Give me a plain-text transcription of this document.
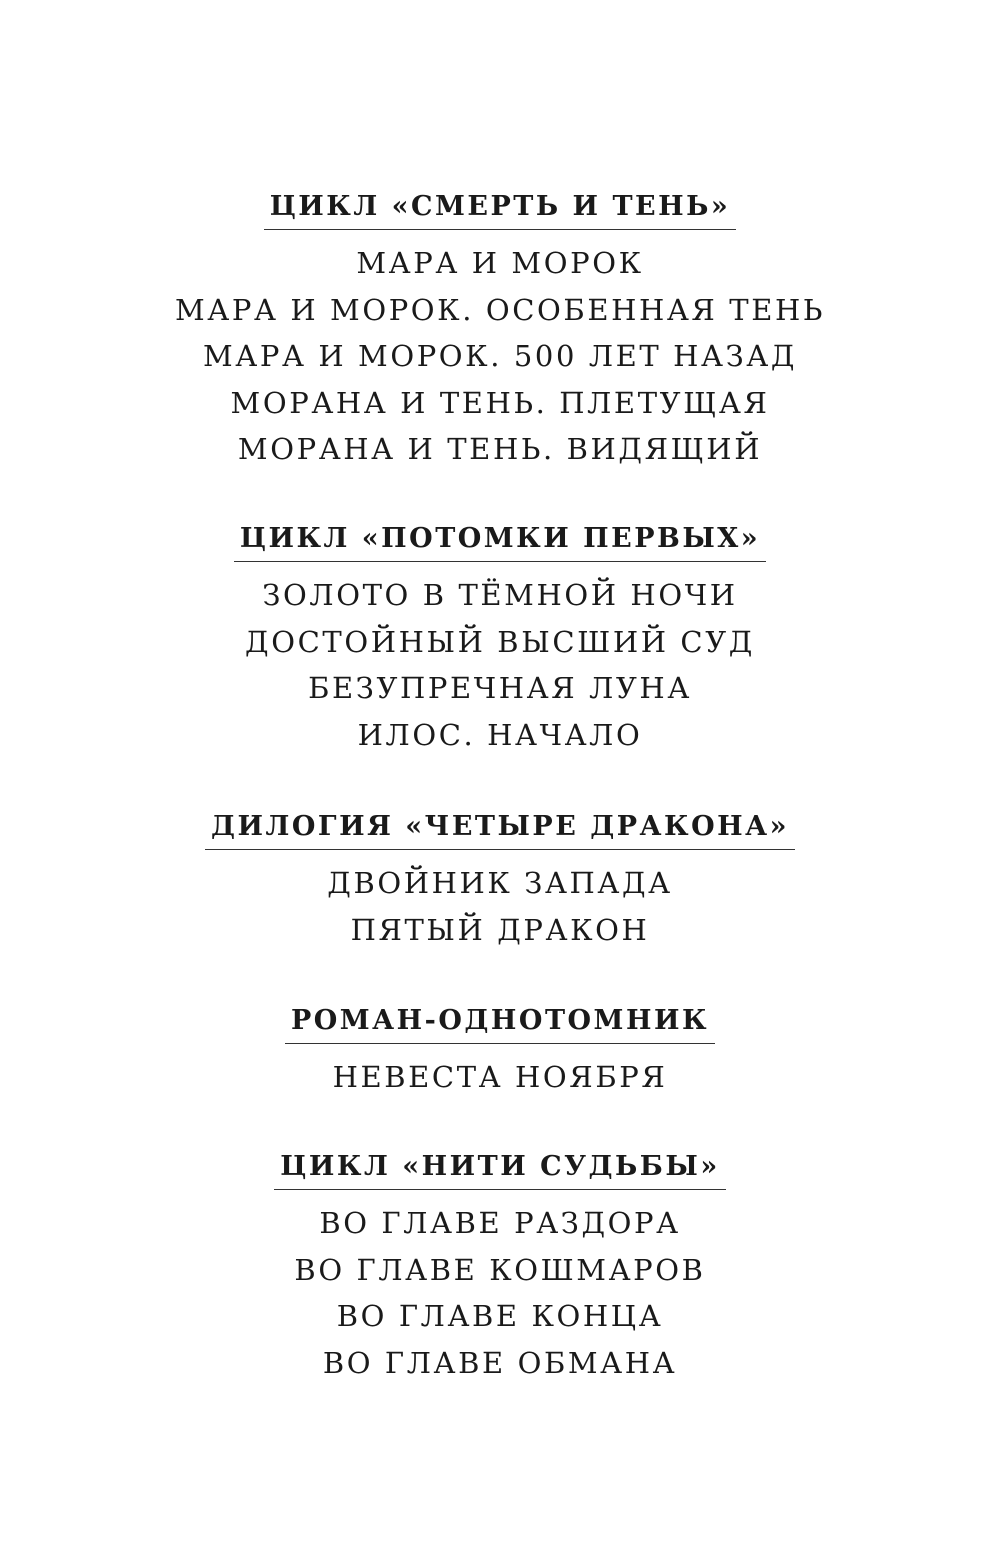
ЦИКЛ «СМЕРТЬ И ТЕНЬ»
МАРА И МОРОК
МАРА И МОРОК. ОСОБЕННАЯ ТЕНЬ
МАРА И МОРОК. 500 ЛЕТ НАЗАД
МОРАНА И ТЕНЬ. ПЛЕТУЩАЯ
МОРАНА И ТЕНЬ. ВИДЯЩИЙ
ЦИКЛ «ПОТОМКИ ПЕРВЫХ»
ЗОЛОТО В ТЁМНОЙ НОЧИ
ДОСТОЙНЫЙ ВЫСШИЙ СУД
БЕЗУПРЕЧНАЯ ЛУНА
ИЛОС. НАЧАЛО
ДИЛОГИЯ «ЧЕТЫРЕ ДРАКОНА»
ДВОЙНИК ЗАПАДА
ПЯТЫЙ ДРАКОН
РОМАН-ОДНОТОМНИК
НЕВЕСТА НОЯБРЯ
ЦИКЛ «НИТИ СУДЬБЫ»
ВО ГЛАВЕ РАЗДОРА
ВО ГЛАВЕ КОШМАРОВ
ВО ГЛАВЕ КОНЦА
ВО ГЛАВЕ ОБМАНА
